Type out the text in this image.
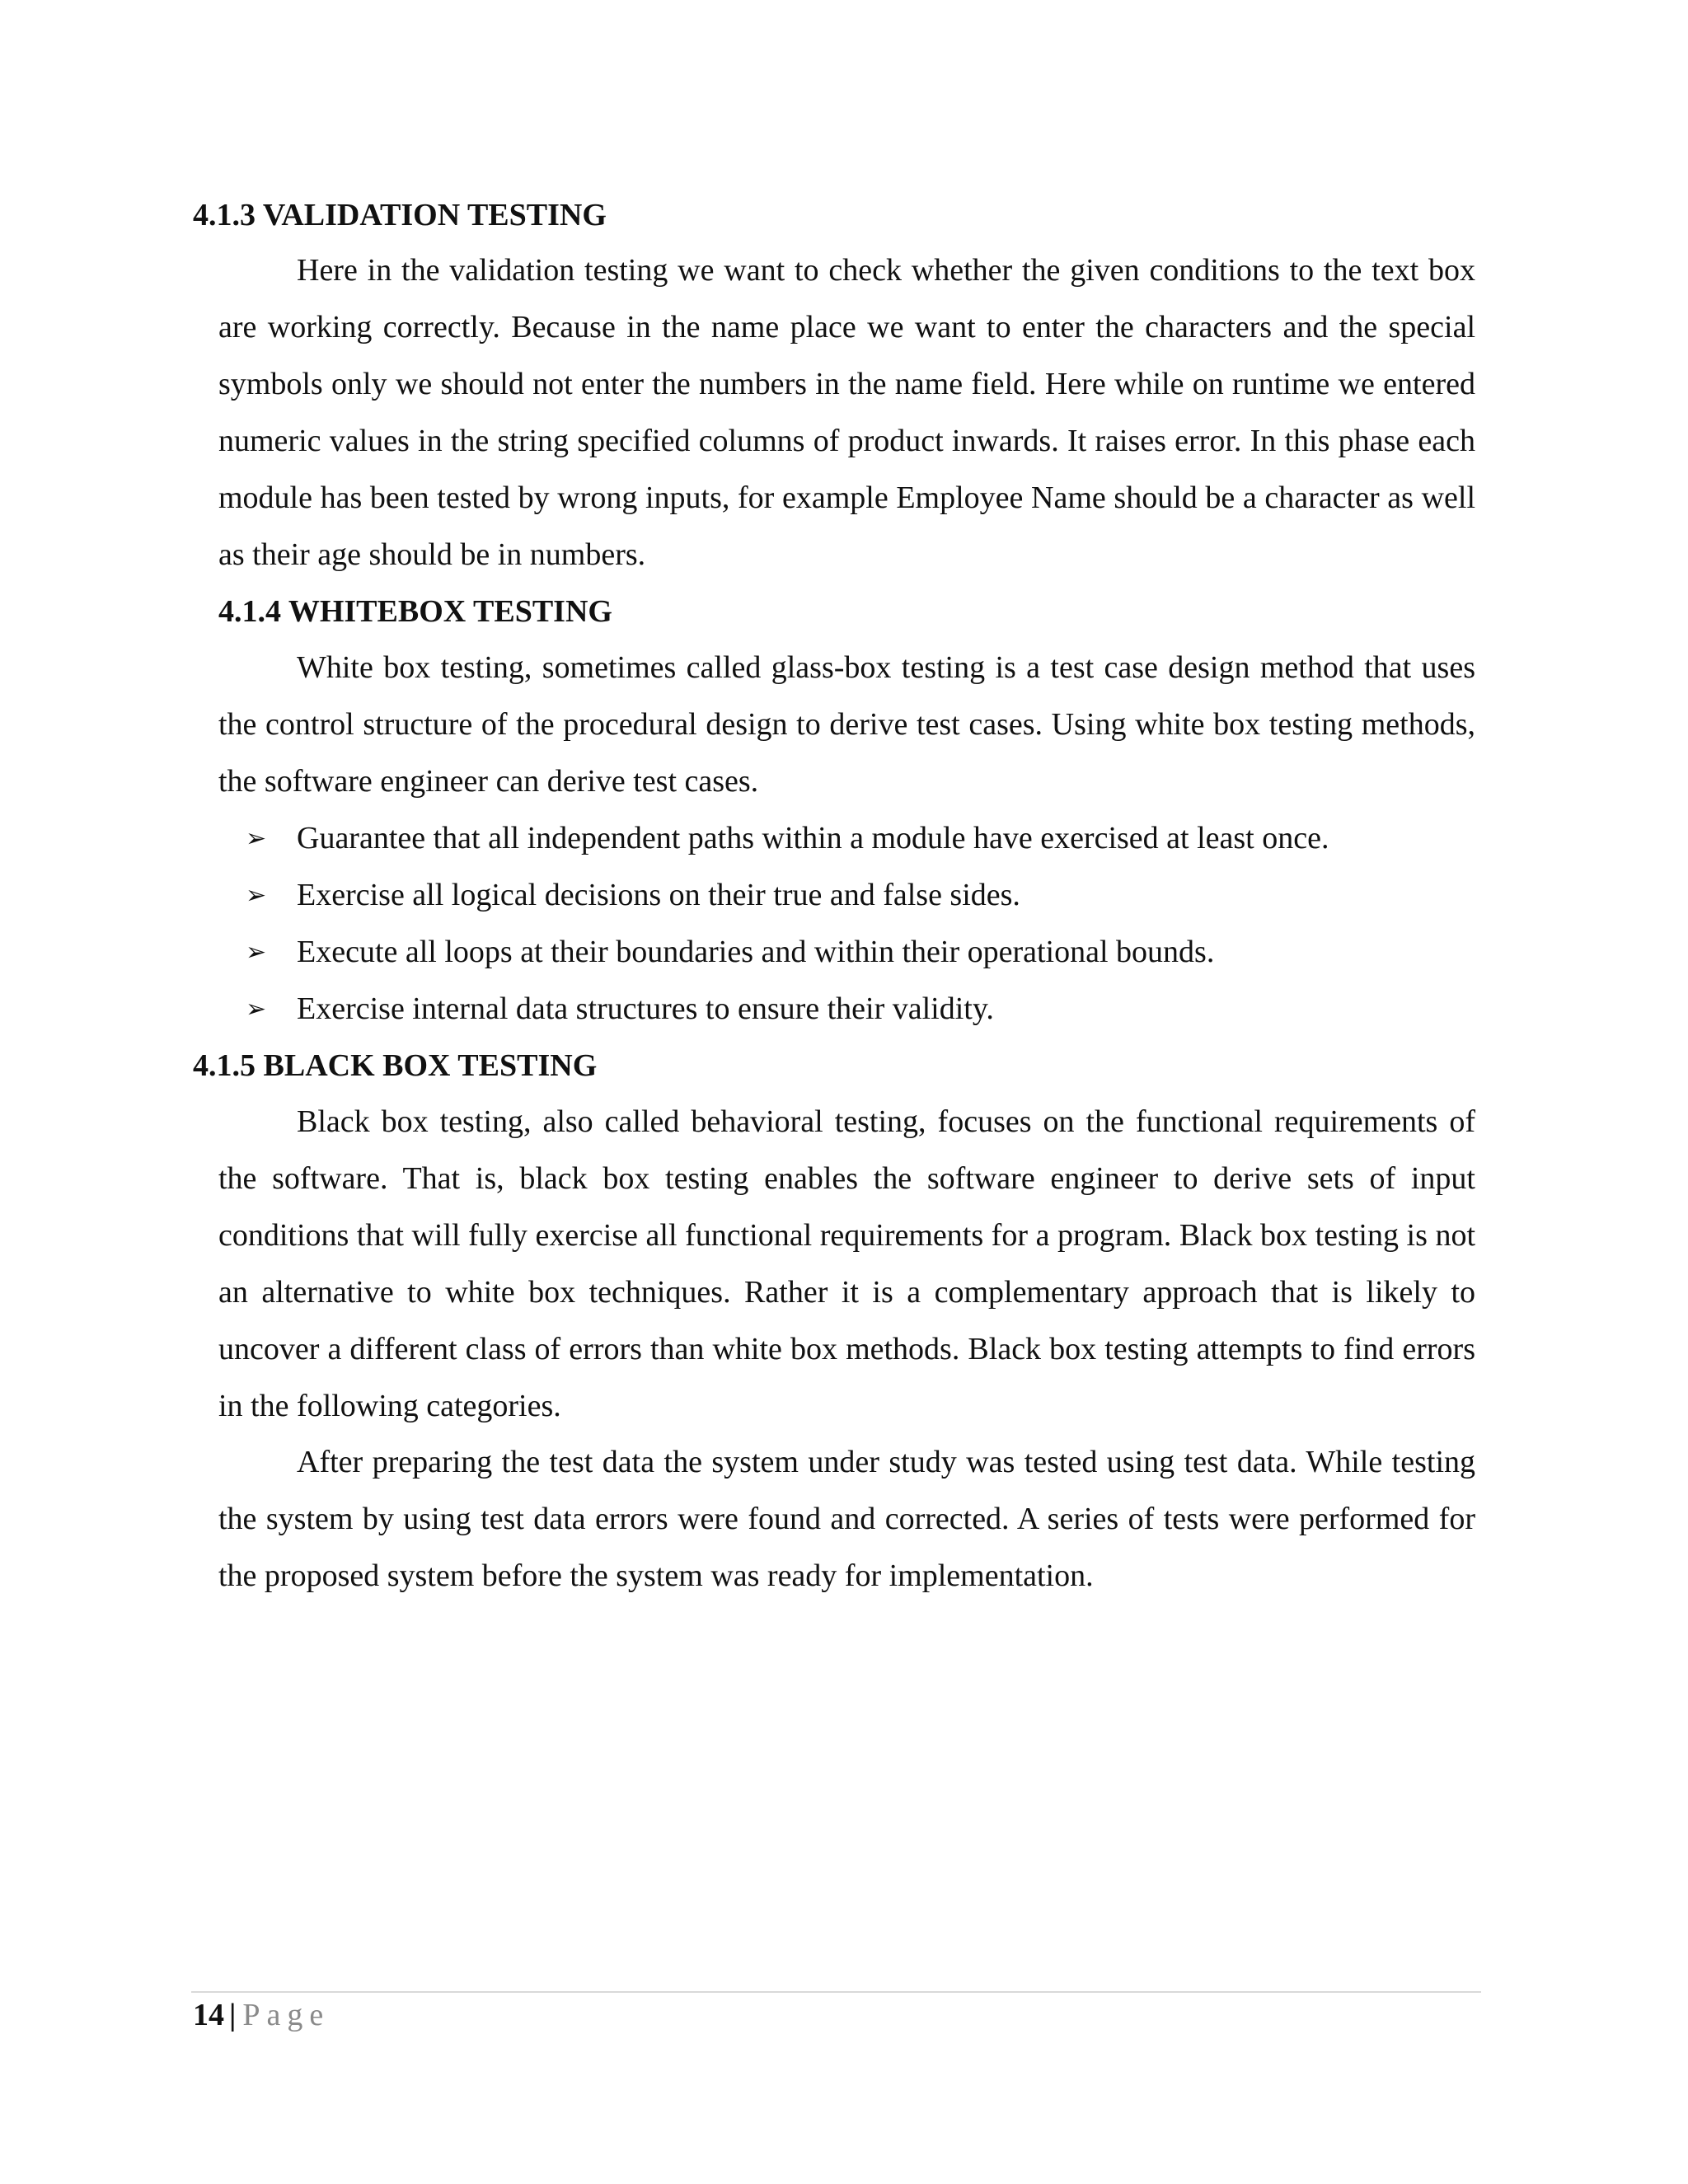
4.1.3 VALIDATION TESTING

Here in the validation testing we want to check whether the given conditions to the text box are working correctly. Because in the name place we want to enter the characters and the special symbols only we should not enter the numbers in the name field. Here while on runtime we entered numeric values in the string specified columns of product inwards. It raises error. In this phase each module has been tested by wrong inputs, for example Employee Name should be a character as well as their age should be in numbers.

4.1.4 WHITEBOX TESTING

White box testing, sometimes called glass-box testing is a test case design method that uses the control structure of the procedural design to derive test cases. Using white box testing methods, the software engineer can derive test cases.

➢ Guarantee that all independent paths within a module have exercised at least once.
➢ Exercise all logical decisions on their true and false sides.
➢ Execute all loops at their boundaries and within their operational bounds.
➢ Exercise internal data structures to ensure their validity.
4.1.5 BLACK BOX TESTING

Black box testing, also called behavioral testing, focuses on the functional requirements of the software. That is, black box testing enables the software engineer to derive sets of input conditions that will fully exercise all functional requirements for a program. Black box testing is not an alternative to white box techniques. Rather it is a complementary approach that is likely to uncover a different class of errors than white box methods. Black box testing attempts to find errors in the following categories.

After preparing the test data the system under study was tested using test data. While testing the system by using test data errors were found and corrected. A series of tests were performed for the proposed system before the system was ready for implementation.

14 | Page
